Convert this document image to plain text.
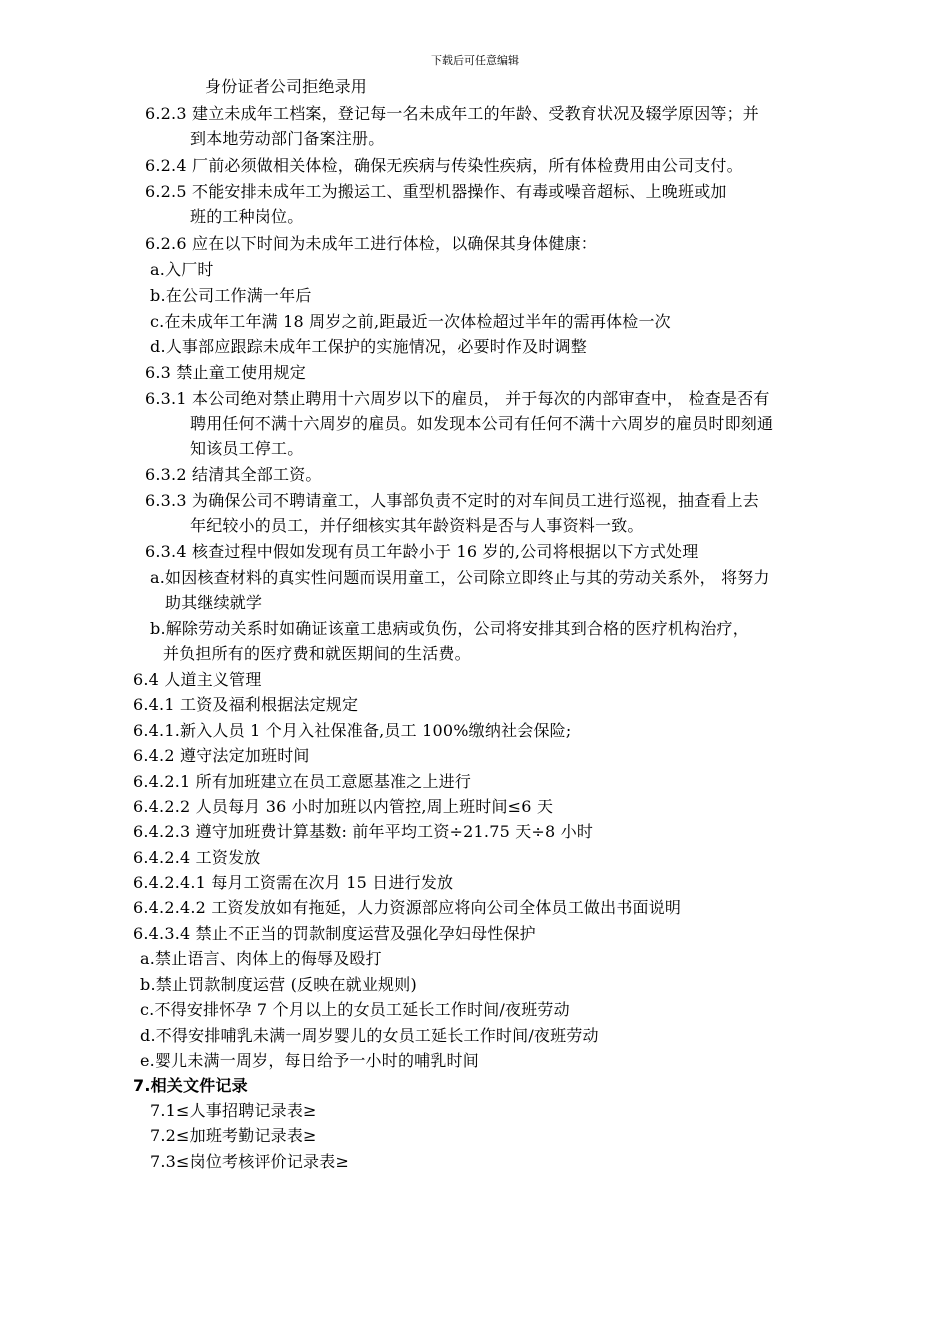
下载后可任意编辑
身份证者公司拒绝录用
6.2.3 建立未成年工档案，登记每一名未成年工的年龄、受教育状况及辍学原因等；并
到本地劳动部门备案注册。
6.2.4 厂前必须做相关体检，确保无疾病与传染性疾病，所有体检费用由公司支付。
6.2.5 不能安排未成年工为搬运工、重型机器操作、有毒或噪音超标、上晚班或加
班的工种岗位。
6.2.6 应在以下时间为未成年工进行体检，以确保其身体健康：
a.入厂时
b.在公司工作满一年后
c.在未成年工年满 18 周岁之前,距最近一次体检超过半年的需再体检一次
d.人事部应跟踪未成年工保护的实施情况，必要时作及时调整
6.3 禁止童工使用规定
6.3.1 本公司绝对禁止聘用十六周岁以下的雇员， 并于每次的内部审查中， 检查是否有
聘用任何不满十六周岁的雇员。如发现本公司有任何不满十六周岁的雇员时即刻通
知该员工停工。
6.3.2 结清其全部工资。
6.3.3 为确保公司不聘请童工，人事部负责不定时的对车间员工进行巡视，抽查看上去
年纪较小的员工，并仔细核实其年龄资料是否与人事资料一致。
6.3.4 核查过程中假如发现有员工年龄小于 16 岁的,公司将根据以下方式处理
a.如因核查材料的真实性问题而误用童工，公司除立即终止与其的劳动关系外， 将努力
助其继续就学
b.解除劳动关系时如确证该童工患病或负伤，公司将安排其到合格的医疗机构治疗，
并负担所有的医疗费和就医期间的生活费。
6.4 人道主义管理
6.4.1 工资及福利根据法定规定
6.4.1.新入人员 1 个月入社保准备,员工 100%缴纳社会保险;
6.4.2 遵守法定加班时间
6.4.2.1 所有加班建立在员工意愿基准之上进行
6.4.2.2 人员每月 36 小时加班以内管控,周上班时间≤6 天
6.4.2.3 遵守加班费计算基数: 前年平均工资÷21.75 天÷8 小时
6.4.2.4 工资发放
6.4.2.4.1 每月工资需在次月 15 日进行发放
6.4.2.4.2 工资发放如有拖延，人力资源部应将向公司全体员工做出书面说明
6.4.3.4 禁止不正当的罚款制度运营及强化孕妇母性保护
a.禁止语言、肉体上的侮辱及殴打
b.禁止罚款制度运营 (反映在就业规则)
c.不得安排怀孕 7 个月以上的女员工延长工作时间/夜班劳动
d.不得安排哺乳未满一周岁婴儿的女员工延长工作时间/夜班劳动
e.婴儿未满一周岁，每日给予一小时的哺乳时间
7.相关文件记录
7.1≤人事招聘记录表≥
7.2≤加班考勤记录表≥
7.3≤岗位考核评价记录表≥
